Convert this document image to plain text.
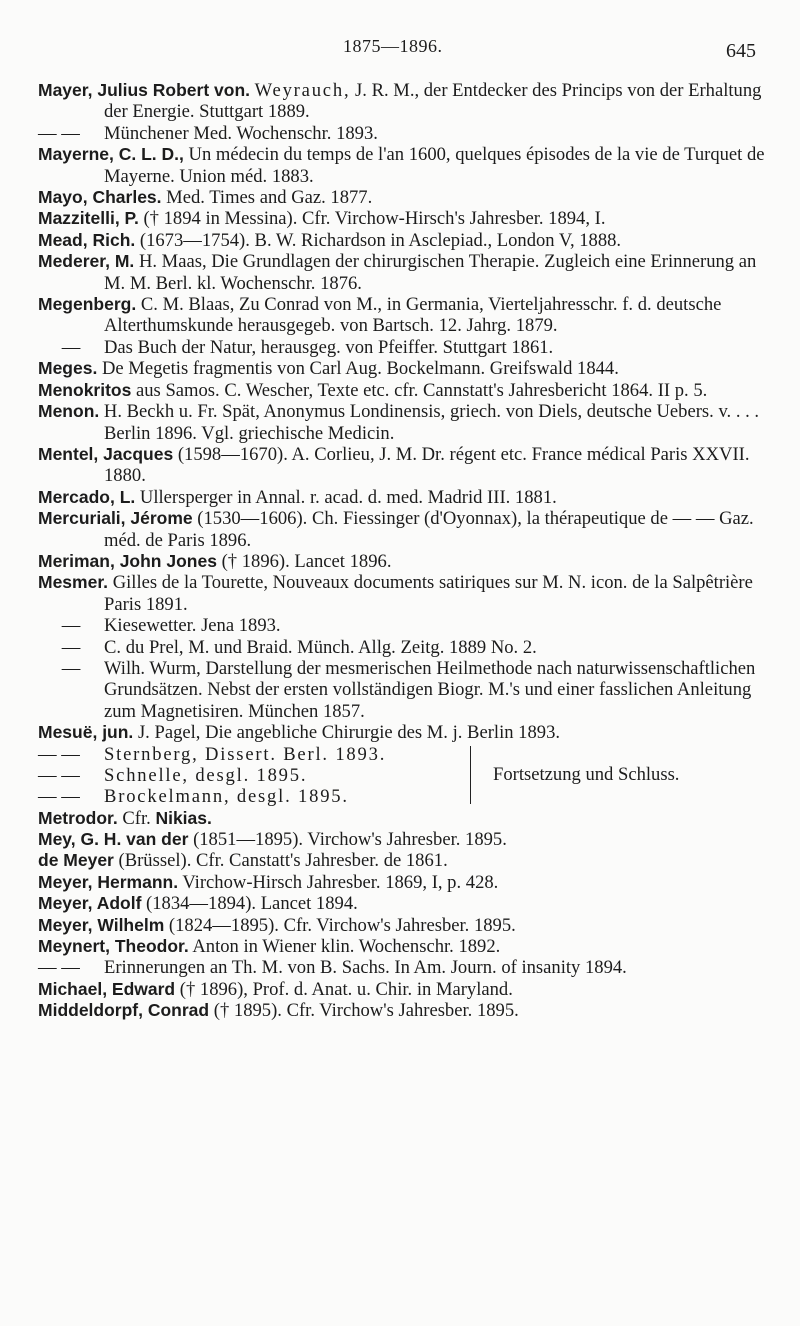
1875—1896.	645
Mayer, Julius Robert von. Weyrauch, J. R. M., der Entdecker des Princips von der Erhaltung der Energie. Stuttgart 1889.
— — Münchener Med. Wochenschr. 1893.
Mayerne, C. L. D., Un médecin du temps de l'an 1600, quelques épisodes de la vie de Turquet de Mayerne. Union méd. 1883.
Mayo, Charles. Med. Times and Gaz. 1877.
Mazzitelli, P. († 1894 in Messina). Cfr. Virchow-Hirsch's Jahresber. 1894, I.
Mead, Rich. (1673—1754). B. W. Richardson in Asclepiad., London V, 1888.
Mederer, M. H. Maas, Die Grundlagen der chirurgischen Therapie. Zugleich eine Erinnerung an M. M. Berl. kl. Wochenschr. 1876.
Megenberg. C. M. Blaas, Zu Conrad von M., in Germania, Vierteljahresschr. f. d. deutsche Alterthumskunde herausgegeb. von Bartsch. 12. Jahrg. 1879.
— Das Buch der Natur, herausgeg. von Pfeiffer. Stuttgart 1861.
Meges. De Megetis fragmentis von Carl Aug. Bockelmann. Greifswald 1844.
Menokritos aus Samos. C. Wescher, Texte etc. cfr. Cannstatt's Jahresbericht 1864. II p. 5.
Menon. H. Beckh u. Fr. Spät, Anonymus Londinensis, griech. von Diels, deutsche Uebers. v. . . . Berlin 1896. Vgl. griechische Medicin.
Mentel, Jacques (1598—1670). A. Corlieu, J. M. Dr. régent etc. France médical Paris XXVII. 1880.
Mercado, L. Ullersperger in Annal. r. acad. d. med. Madrid III. 1881.
Mercuriali, Jérome (1530—1606). Ch. Fiessinger (d'Oyonnax), la thérapeutique de — — Gaz. méd. de Paris 1896.
Meriman, John Jones († 1896). Lancet 1896.
Mesmer. Gilles de la Tourette, Nouveaux documents satiriques sur M. N. icon. de la Salpêtrière Paris 1891.
— Kiesewetter. Jena 1893.
— C. du Prel, M. und Braid. Münch. Allg. Zeitg. 1889 No. 2.
— Wilh. Wurm, Darstellung der mesmerischen Heilmethode nach naturwissenschaftlichen Grundsätzen. Nebst der ersten vollständigen Biogr. M.'s und einer fasslichen Anleitung zum Magnetisiren. München 1857.
Mesuë, jun. J. Pagel, Die angebliche Chirurgie des M. j. Berlin 1893.
— — Sternberg, Dissert. Berl. 1893.
— — Schnelle, desgl. 1895.
— — Brockelmann, desgl. 1895.
Fortsetzung und Schluss.
Metrodor. Cfr. Nikias.
Mey, G. H. van der (1851—1895). Virchow's Jahresber. 1895.
de Meyer (Brüssel). Cfr. Canstatt's Jahresber. de 1861.
Meyer, Hermann. Virchow-Hirsch Jahresber. 1869, I, p. 428.
Meyer, Adolf (1834—1894). Lancet 1894.
Meyer, Wilhelm (1824—1895). Cfr. Virchow's Jahresber. 1895.
Meynert, Theodor. Anton in Wiener klin. Wochenschr. 1892.
— — Erinnerungen an Th. M. von B. Sachs. In Am. Journ. of insanity 1894.
Michael, Edward († 1896), Prof. d. Anat. u. Chir. in Maryland.
Middeldorpf, Conrad († 1895). Cfr. Virchow's Jahresber. 1895.
